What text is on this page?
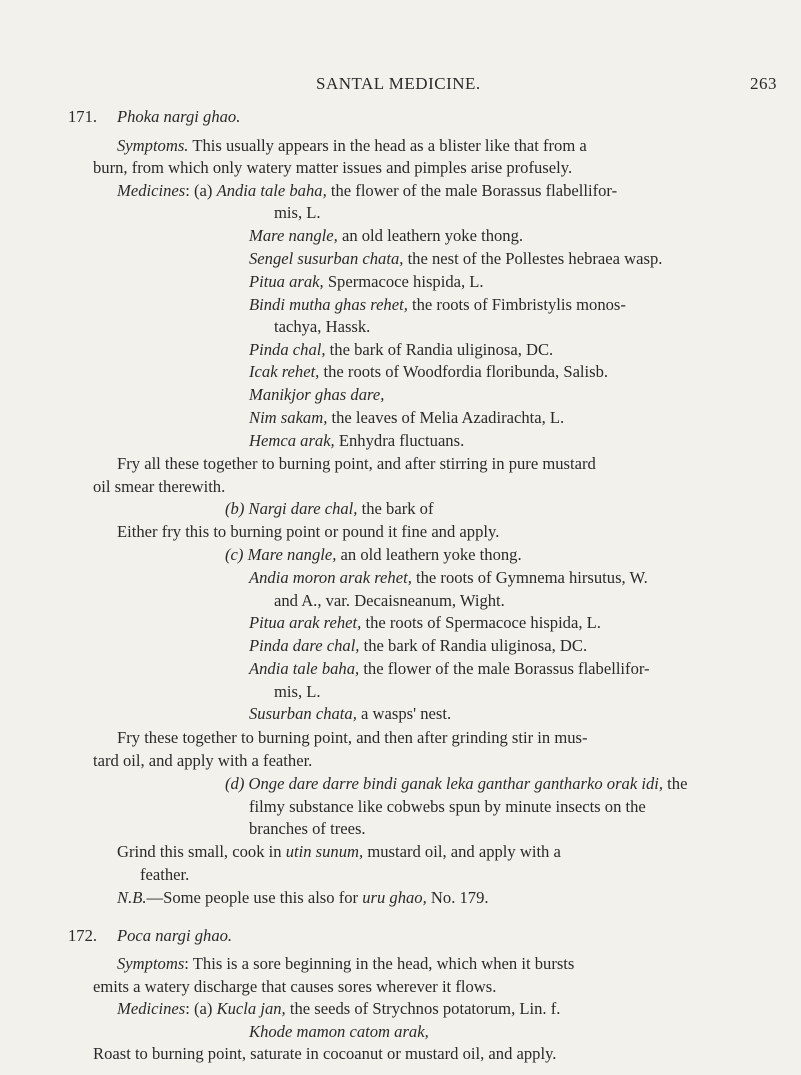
SANTAL MEDICINE.	263
171. Phoka nargi ghao.
Symptoms. This usually appears in the head as a blister like that from a
burn, from which only watery matter issues and pimples arise profusely.
Medicines: (a) Andia tale baha, the flower of the male Borassus flabellifor-
mis, L.
Mare nangle, an old leathern yoke thong.
Sengel susurban chata, the nest of the Pollestes hebraea wasp.
Pitua arak, Spermacoce hispida, L.
Bindi mutha ghas rehet, the roots of Fimbristylis monos-
tachya, Hassk.
Pinda chal, the bark of Randia uliginosa, DC.
Icak rehet, the roots of Woodfordia floribunda, Salisb.
Manikjor ghas dare,
Nim sakam, the leaves of Melia Azadirachta, L.
Hemca arak, Enhydra fluctuans.
Fry all these together to burning point, and after stirring in pure mustard
oil smear therewith.
(b) Nargi dare chal, the bark of
Either fry this to burning point or pound it fine and apply.
(c) Mare nangle, an old leathern yoke thong.
Andia moron arak rehet, the roots of Gymnema hirsutus, W.
and A., var. Decaisneanum, Wight.
Pitua arak rehet, the roots of Spermacoce hispida, L.
Pinda dare chal, the bark of Randia uliginosa, DC.
Andia tale baha, the flower of the male Borassus flabellifor-
mis, L.
Susurban chata, a wasps' nest.
Fry these together to burning point, and then after grinding stir in mus-
tard oil, and apply with a feather.
(d) Onge dare darre bindi ganak leka ganthar gantharko orak idi, the
filmy substance like cobwebs spun by minute insects on the
branches of trees.
Grind this small, cook in utin sunum, mustard oil, and apply with a
feather.
N.B.—Some people use this also for uru ghao, No. 179.
172. Poca nargi ghao.
Symptoms: This is a sore beginning in the head, which when it bursts
emits a watery discharge that causes sores wherever it flows.
Medicines: (a) Kucla jan, the seeds of Strychnos potatorum, Lin. f.
Khode mamon catom arak,
Roast to burning point, saturate in cocoanut or mustard oil, and apply.
